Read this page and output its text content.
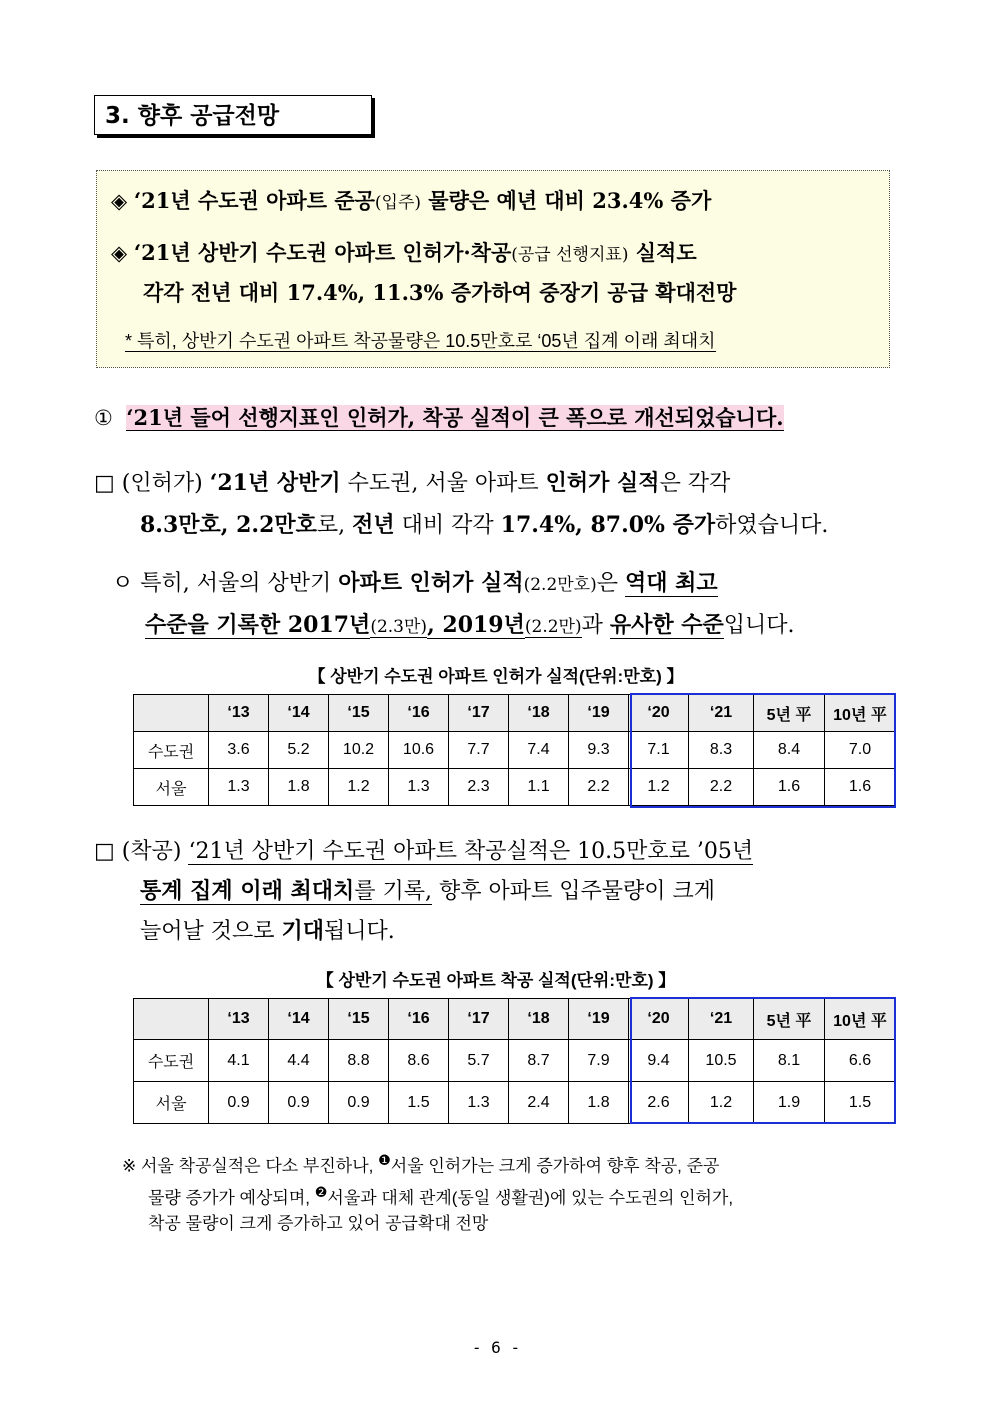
3. 향후 공급전망
◈ ‘21년 수도권 아파트 준공(입주) 물량은 예년 대비 23.4% 증가
◈ ‘21년 상반기 수도권 아파트 인허가·착공(공급 선행지표) 실적도
각각 전년 대비 17.4%, 11.3% 증가하여 중장기 공급 확대전망
* 특히, 상반기 수도권 아파트 착공물량은 10.5만호로 ‘05년 집계 이래 최대치
① ‘21년 들어 선행지표인 인허가, 착공 실적이 큰 폭으로 개선되었습니다.
□ (인허가) ‘21년 상반기 수도권, 서울 아파트 인허가 실적은 각각
8.3만호, 2.2만호로, 전년 대비 각각 17.4%, 87.0% 증가하였습니다.
ㅇ 특히, 서울의 상반기 아파트 인허가 실적(2.2만호)은 역대 최고
수준을 기록한 2017년(2.3만), 2019년(2.2만)과 유사한 수준입니다.
【 상반기 수도권 아파트 인허가 실적(단위:만호) 】
	‘13	‘14	‘15	‘16	‘17	‘18	‘19	‘20	‘21	5년 平	10년 平
수도권	3.6	5.2	10.2	10.6	7.7	7.4	9.3	7.1	8.3	8.4	7.0
서울	1.3	1.8	1.2	1.3	2.3	1.1	2.2	1.2	2.2	1.6	1.6
□ (착공) ‘21년 상반기 수도권 아파트 착공실적은 10.5만호로 ’05년
통계 집계 이래 최대치를 기록, 향후 아파트 입주물량이 크게
늘어날 것으로 기대됩니다.
【 상반기 수도권 아파트 착공 실적(단위:만호) 】
	‘13	‘14	‘15	‘16	‘17	‘18	‘19	‘20	‘21	5년 平	10년 平
수도권	4.1	4.4	8.8	8.6	5.7	8.7	7.9	9.4	10.5	8.1	6.6
서울	0.9	0.9	0.9	1.5	1.3	2.4	1.8	2.6	1.2	1.9	1.5
※ 서울 착공실적은 다소 부진하나, $^❶$서울 인허가는 크게 증가하여 향후 착공, 준공
물량 증가가 예상되며, $^❷$서울과 대체 관계(동일 생활권)에 있는 수도권의 인허가,
착공 물량이 크게 증가하고 있어 공급확대 전망
- 6 -
